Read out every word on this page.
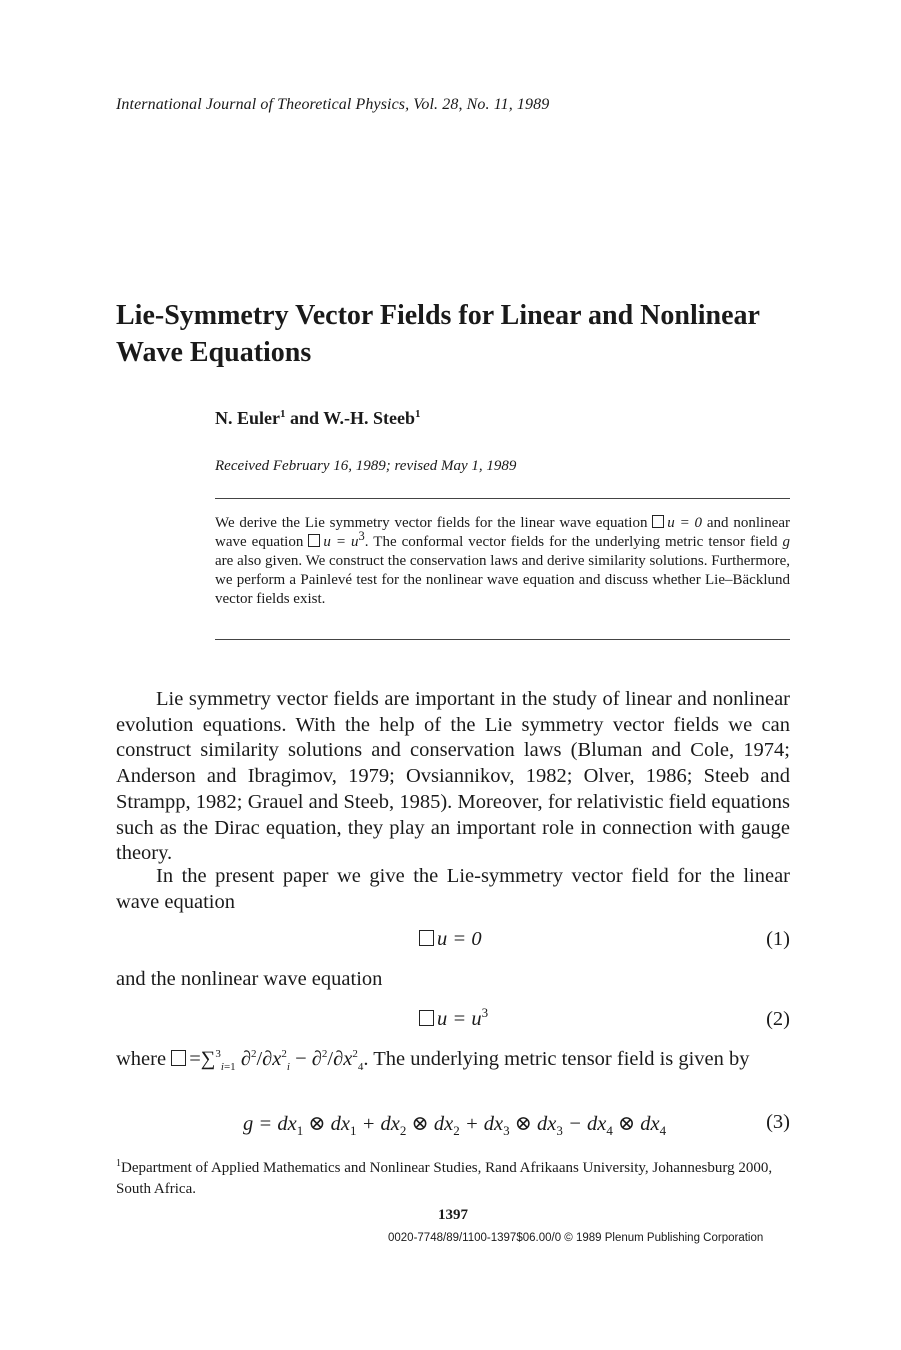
International Journal of Theoretical Physics, Vol. 28, No. 11, 1989
Lie-Symmetry Vector Fields for Linear and Nonlinear Wave Equations
N. Euler$^1$ and W.-H. Steeb$^1$
Received February 16, 1989; revised May 1, 1989
We derive the Lie symmetry vector fields for the linear wave equation u = 0 and nonlinear wave equation $u = u^3$. The conformal vector fields for the underlying metric tensor field g are also given. We construct the conservation laws and derive similarity solutions. Furthermore, we perform a Painlevé test for the nonlinear wave equation and discuss whether Lie–Bäcklund vector fields exist.
Lie symmetry vector fields are important in the study of linear and nonlinear evolution equations. With the help of the Lie symmetry vector fields we can construct similarity solutions and conservation laws (Bluman and Cole, 1974; Anderson and Ibragimov, 1979; Ovsiannikov, 1982; Olver, 1986; Steeb and Strampp, 1982; Grauel and Steeb, 1985). Moreover, for relativistic field equations such as the Dirac equation, they play an important role in connection with gauge theory.
In the present paper we give the Lie-symmetry vector field for the linear wave equation
u = 0	(1)
and the nonlinear wave equation
$u = u^3$	(2)
where =∑$^3_{i=1}$ $\partial^2/\partial x^2_i - \partial^2/\partial x^2_4$. The underlying metric tensor field is given by
$g = dx_1$ ⊗ $dx_1 + dx_2$ ⊗ $dx_2 + dx_3$ ⊗ $dx_3 - dx_4$ ⊗ $dx_4$	(3)
$^1$Department of Applied Mathematics and Nonlinear Studies, Rand Afrikaans University, Johannesburg 2000, South Africa.
1397
0020-7748/89/1100-1397$06.00/0 © 1989 Plenum Publishing Corporation
